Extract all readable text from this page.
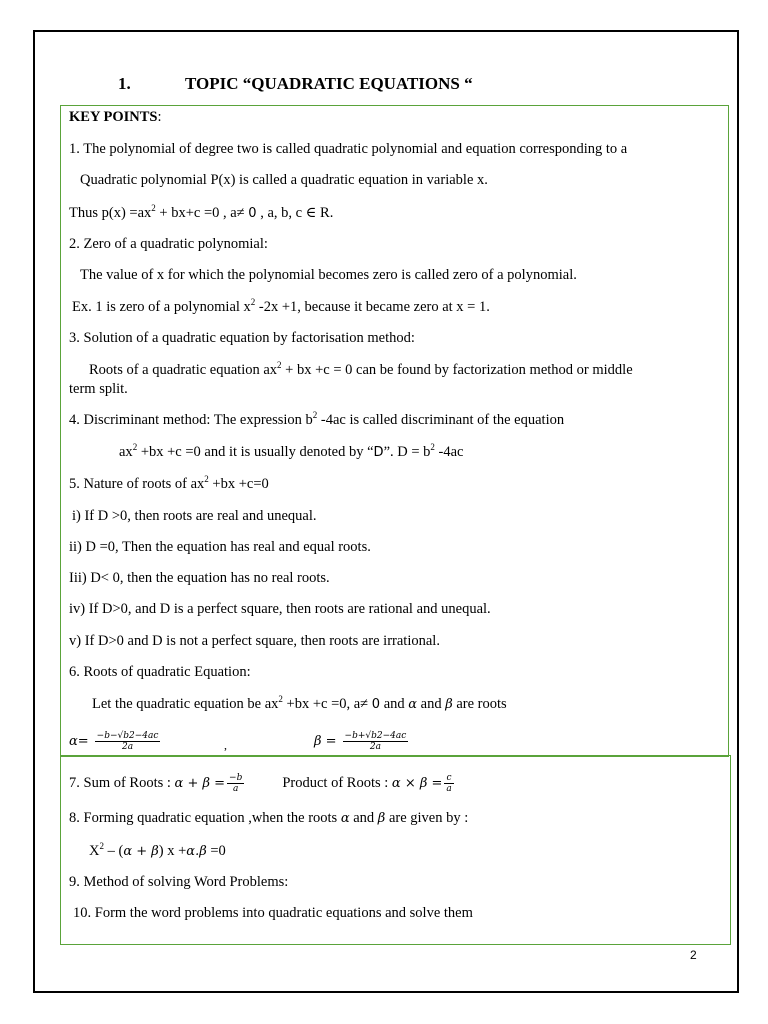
1.	TOPIC “QUADRATIC EQUATIONS “
KEY POINTS:
1. The polynomial of degree two is called quadratic polynomial and equation corresponding to a
Quadratic polynomial P(x) is called a quadratic equation in variable x.
Thus $p(x) =ax^2 + bx+c =0$ , a≠ 0 , a, b, c ∈ R.
2. Zero of a quadratic polynomial:
The value of x for which the polynomial becomes zero is called zero of a polynomial.
Ex. 1 is zero of a polynomial $x^2$ -2x +1, because it became zero at x = 1.
3. Solution of a quadratic equation by factorisation method:
Roots of a quadratic equation $ax^2$ + bx +c = 0 can be found by factorization method or middle
term split.
4. Discriminant method: The expression $b^2$ -4ac is called discriminant of the equation
$ax^2 +bx +c =0$ and it is usually denoted by “D”. $D = b^2$ -4ac
5. Nature of roots of $ax^2 +bx +c=0$
i) If D >0, then roots are real and unequal.
ii) D =0, Then the equation has real and equal roots.
Iii) D< 0, then the equation has no real roots.
iv) If D>0, and D is a perfect square, then roots are rational and unequal.
v) If D>0 and D is not a perfect square, then roots are irrational.
6. Roots of quadratic Equation:
Let the quadratic equation be $ax^2 +bx +c =0$, a≠ 0 and α and β are roots
$\alpha= \frac{-b-√b2-4ac}{2a}$	,	$\beta = \frac{-b+√b2-4ac}{2a}$
7. Sum of Roots : $\alpha + \beta = \frac{-b}{a}$	Product of Roots : $\alpha \times \beta = \frac{c}{a}$
8. Forming quadratic equation ,when the roots α and β are given by :
$X^2 - (\alpha + \beta)$ x +α.β =0
9. Method of solving Word Problems:
10. Form the word problems into quadratic equations and solve them
2
